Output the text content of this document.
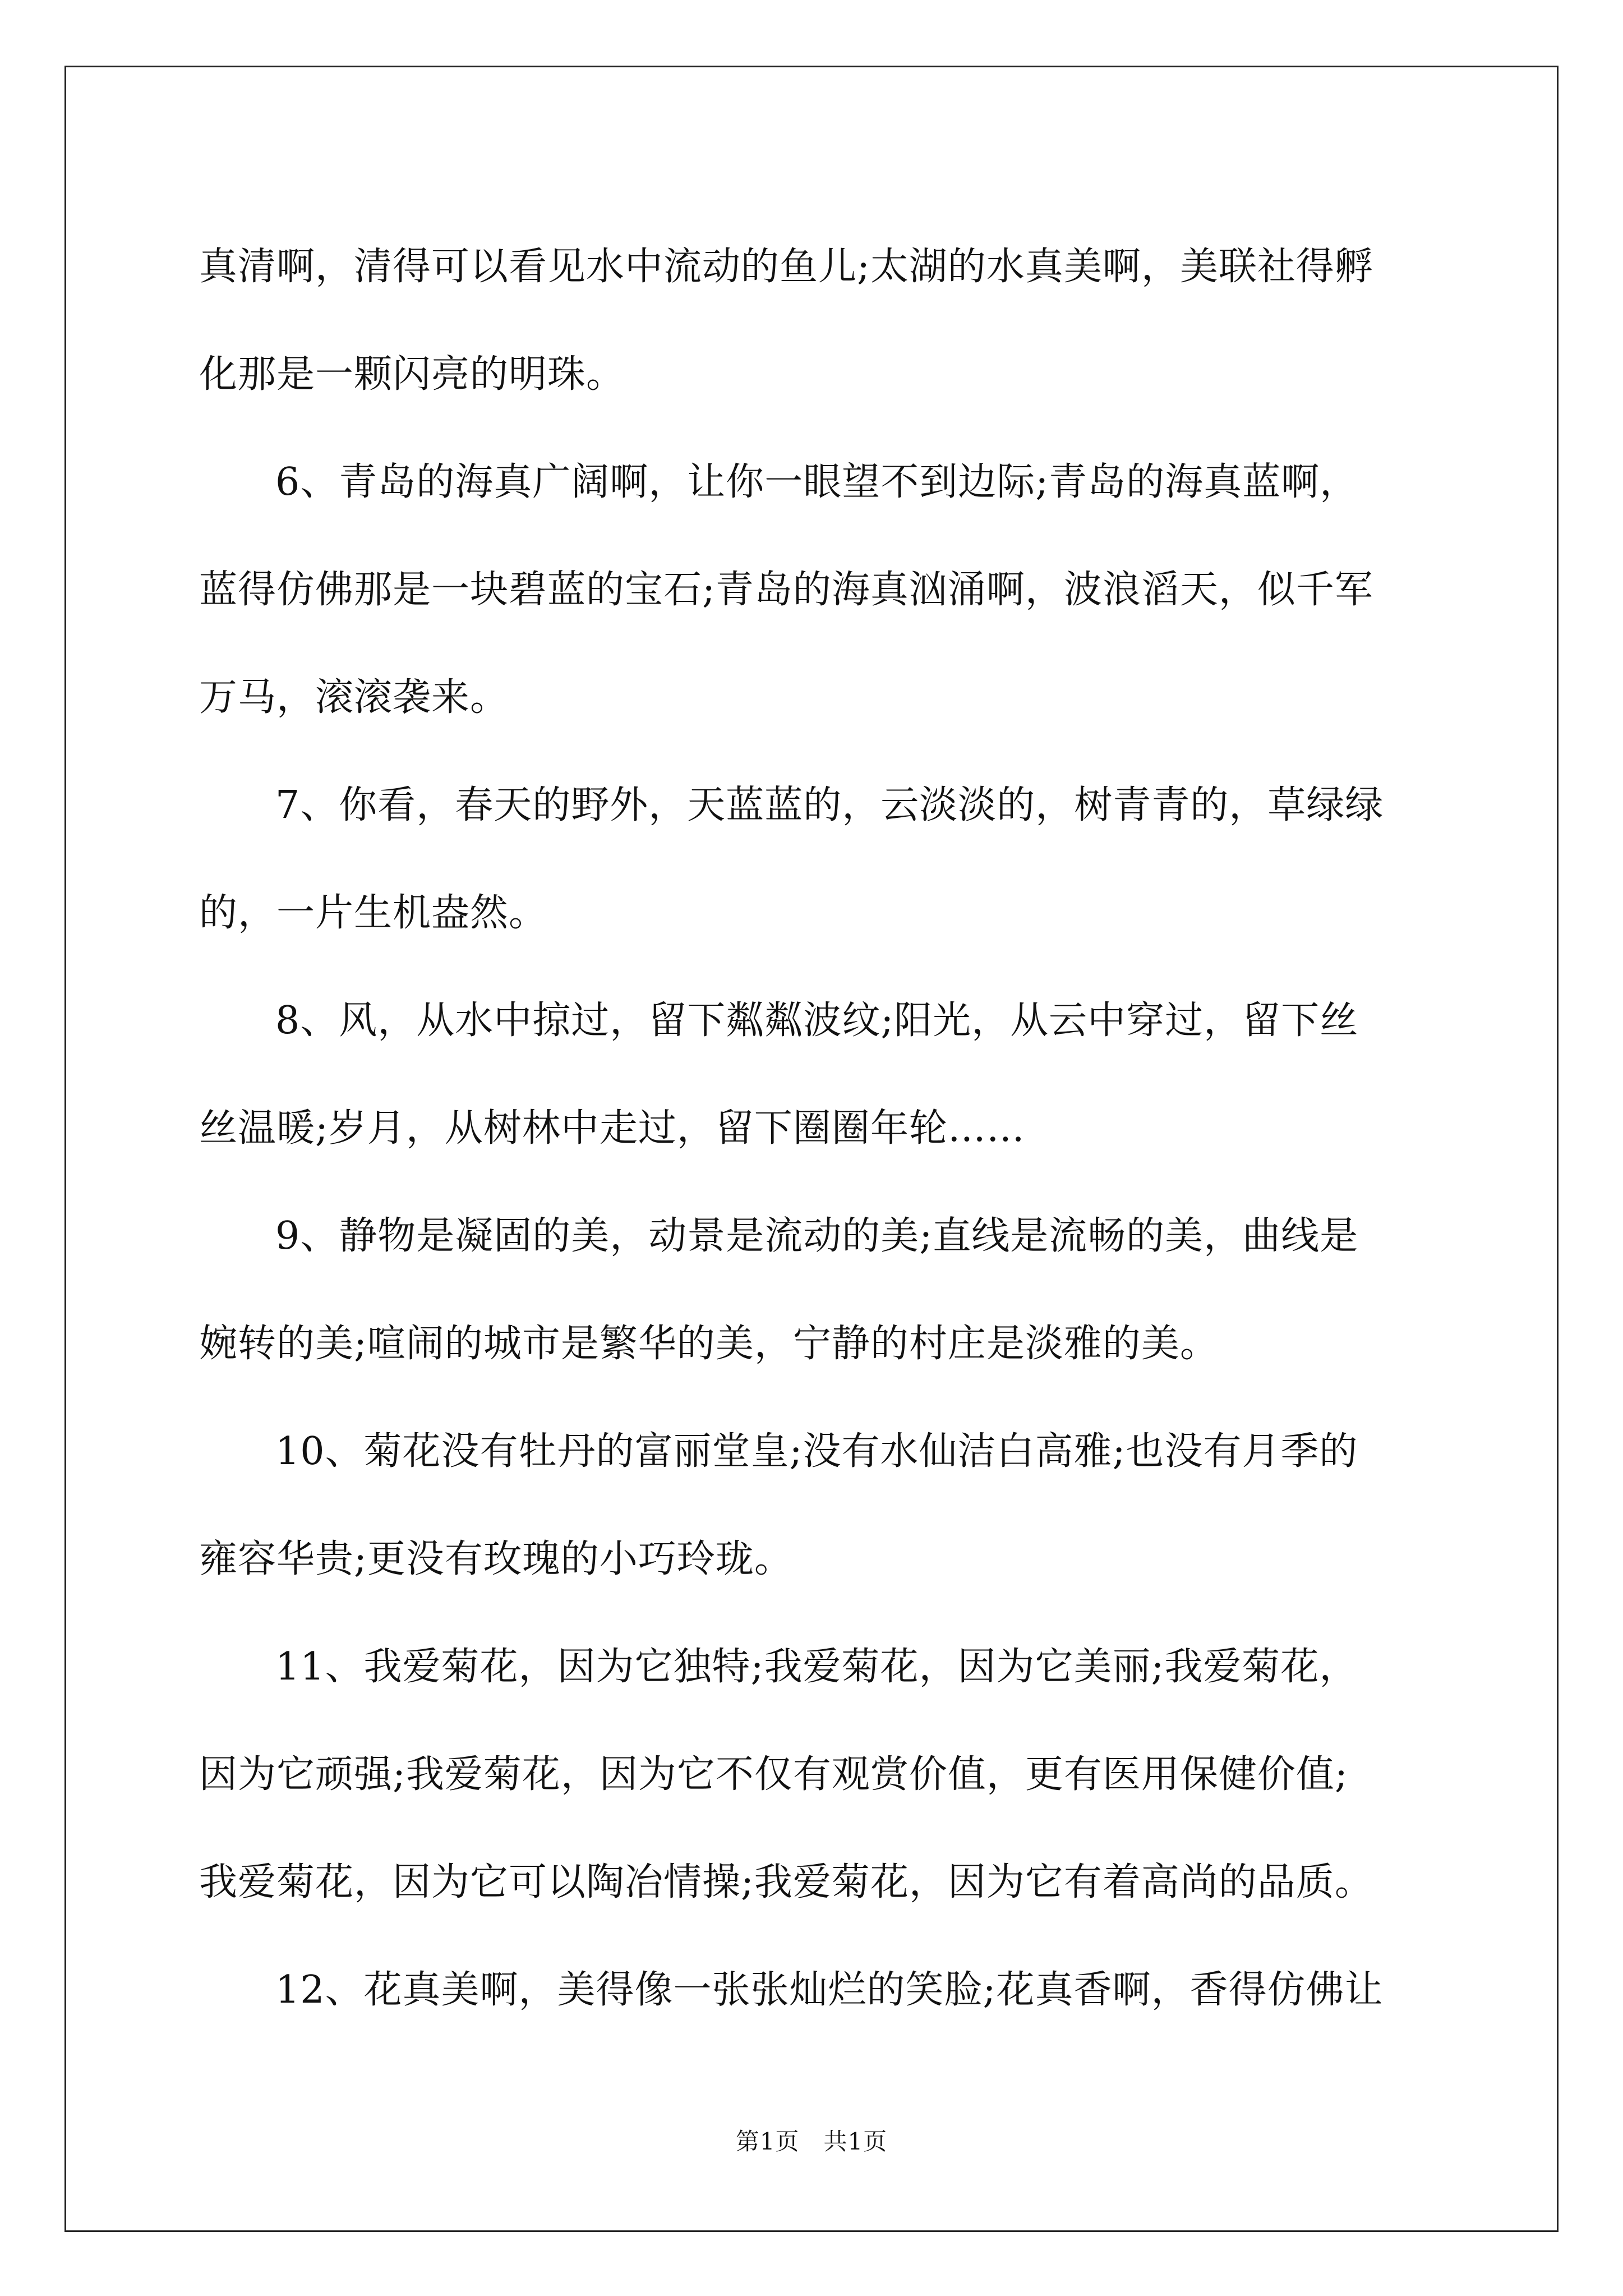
真清啊，清得可以看见水中流动的鱼儿;太湖的水真美啊，美联社得孵
化那是一颗闪亮的明珠。
6、青岛的海真广阔啊，让你一眼望不到边际;青岛的海真蓝啊，
蓝得仿佛那是一块碧蓝的宝石;青岛的海真汹涌啊，波浪滔天，似千军
万马，滚滚袭来。
7、你看，春天的野外，天蓝蓝的，云淡淡的，树青青的，草绿绿
的，一片生机盎然。
8、风，从水中掠过，留下粼粼波纹;阳光，从云中穿过，留下丝
丝温暖;岁月，从树林中走过，留下圈圈年轮……
9、静物是凝固的美，动景是流动的美;直线是流畅的美，曲线是
婉转的美;喧闹的城市是繁华的美，宁静的村庄是淡雅的美。
10、菊花没有牡丹的富丽堂皇;没有水仙洁白高雅;也没有月季的
雍容华贵;更没有玫瑰的小巧玲珑。
11、我爱菊花，因为它独特;我爱菊花，因为它美丽;我爱菊花，
因为它顽强;我爱菊花，因为它不仅有观赏价值，更有医用保健价值;
我爱菊花，因为它可以陶冶情操;我爱菊花，因为它有着高尚的品质。
12、花真美啊，美得像一张张灿烂的笑脸;花真香啊，香得仿佛让
第1页   共1页
